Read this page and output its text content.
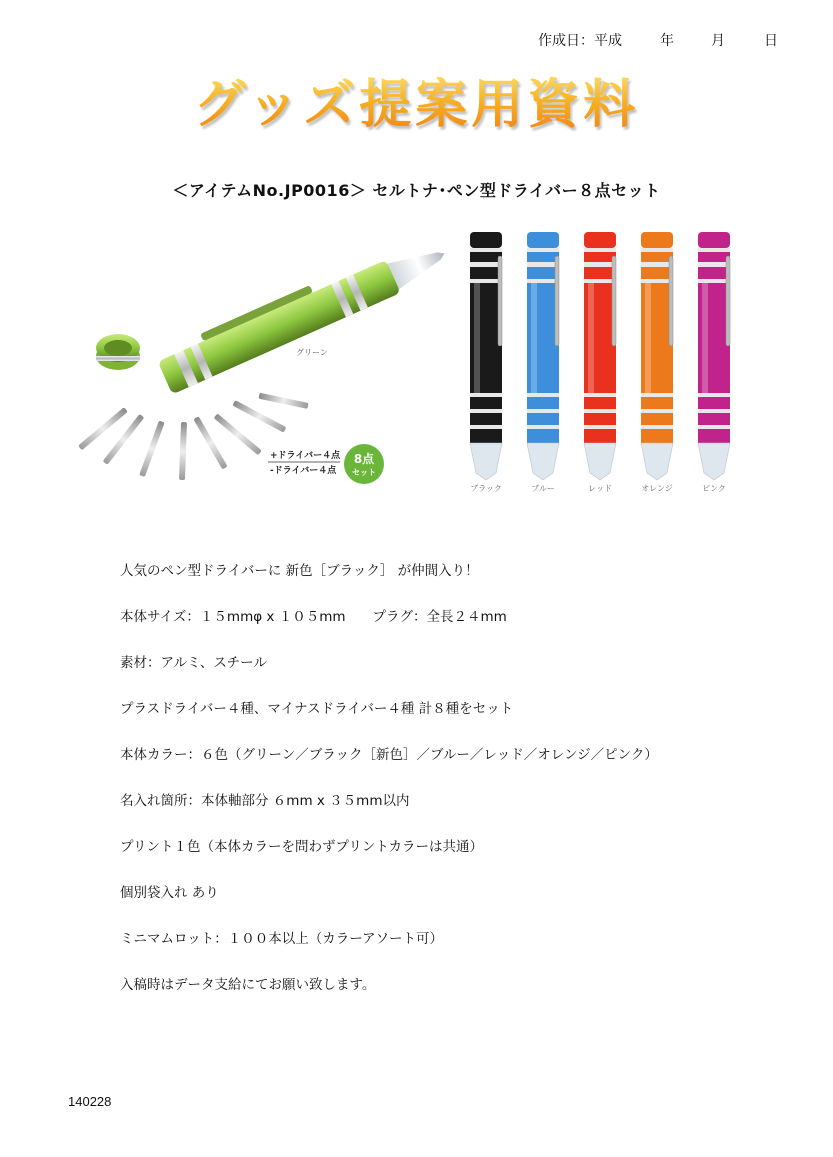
作成日：平成	年	月	日
グッズ提案用資料
＜アイテムNo.JP0016＞ セルトナ･ペン型ドライバー８点セット
グリーン
+ドライバー４点
-ドライバー４点
8点
セット
ブラック	ブルー	レッド	オレンジ	ピンク
人気のペン型ドライバーに 新色［ブラック］ が仲間入り！
本体サイズ：１５mmφ x １０５mm　　プラグ：全長２４mm
素材：アルミ、スチール
プラスドライバー４種、マイナスドライバー４種 計８種をセット
本体カラー：６色（グリーン／ブラック［新色］／ブルー／レッド／オレンジ／ピンク）
名入れ箇所：本体軸部分 ６mm x ３５mm以内
プリント１色（本体カラーを問わずプリントカラーは共通）
個別袋入れ あり
ミニマムロット：１００本以上（カラーアソート可）
入稿時はデータ支給にてお願い致します。
140228
